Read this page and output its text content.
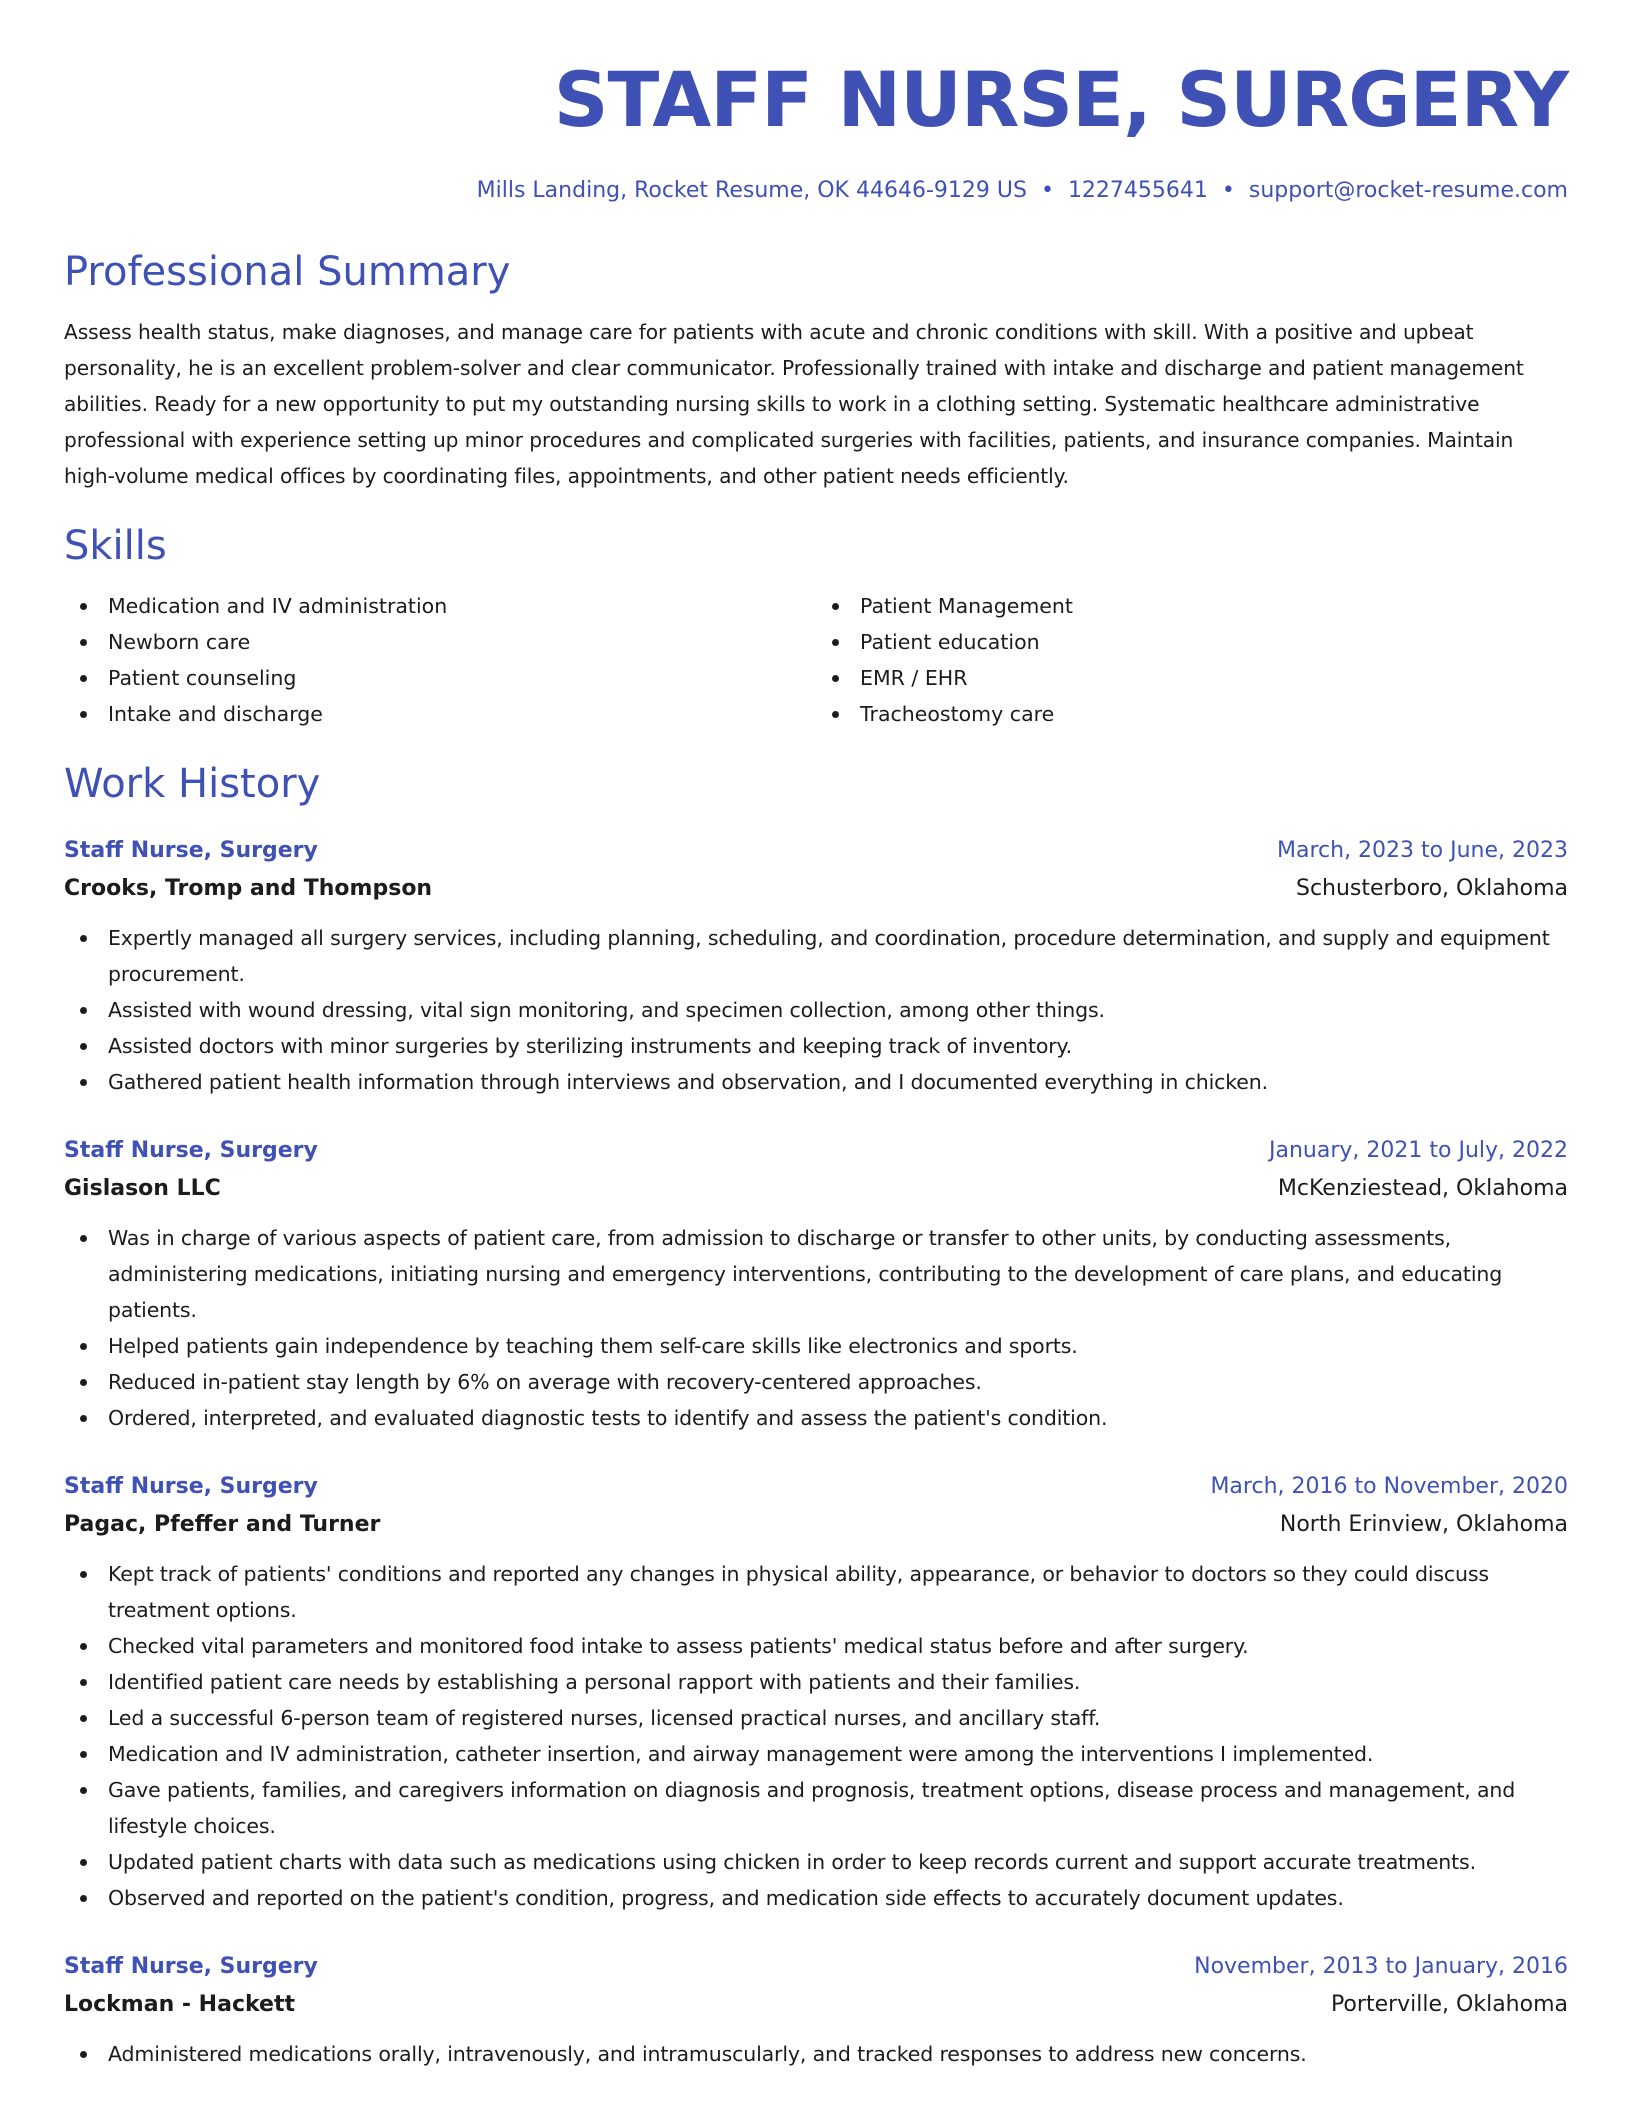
STAFF NURSE, SURGERY
Mills Landing, Rocket Resume, OK 44646-9129 US • 1227455641 • support@rocket-resume.com
Professional Summary

Assess health status, make diagnoses, and manage care for patients with acute and chronic conditions with skill. With a positive and upbeat personality, he is an excellent problem-solver and clear communicator. Professionally trained with intake and discharge and patient management abilities. Ready for a new opportunity to put my outstanding nursing skills to work in a clothing setting. Systematic healthcare administrative professional with experience setting up minor procedures and complicated surgeries with facilities, patients, and insurance companies. Maintain high-volume medical offices by coordinating files, appointments, and other patient needs efficiently.

Skills
Medication and IV administration
Newborn care
Patient counseling
Intake and discharge
Patient Management
Patient education
EMR / EHR
Tracheostomy care
Work History
Staff Nurse, Surgery	March, 2023 to June, 2023
Crooks, Tromp and Thompson	Schusterboro, Oklahoma
Expertly managed all surgery services, including planning, scheduling, and coordination, procedure determination, and supply and equipment procurement.
Assisted with wound dressing, vital sign monitoring, and specimen collection, among other things.
Assisted doctors with minor surgeries by sterilizing instruments and keeping track of inventory.
Gathered patient health information through interviews and observation, and I documented everything in chicken.
Staff Nurse, Surgery	January, 2021 to July, 2022
Gislason LLC	McKenziestead, Oklahoma
Was in charge of various aspects of patient care, from admission to discharge or transfer to other units, by conducting assessments, administering medications, initiating nursing and emergency interventions, contributing to the development of care plans, and educating patients.
Helped patients gain independence by teaching them self-care skills like electronics and sports.
Reduced in-patient stay length by 6% on average with recovery-centered approaches.
Ordered, interpreted, and evaluated diagnostic tests to identify and assess the patient's condition.
Staff Nurse, Surgery	March, 2016 to November, 2020
Pagac, Pfeffer and Turner	North Erinview, Oklahoma
Kept track of patients' conditions and reported any changes in physical ability, appearance, or behavior to doctors so they could discuss treatment options.
Checked vital parameters and monitored food intake to assess patients' medical status before and after surgery.
Identified patient care needs by establishing a personal rapport with patients and their families.
Led a successful 6-person team of registered nurses, licensed practical nurses, and ancillary staff.
Medication and IV administration, catheter insertion, and airway management were among the interventions I implemented.
Gave patients, families, and caregivers information on diagnosis and prognosis, treatment options, disease process and management, and lifestyle choices.
Updated patient charts with data such as medications using chicken in order to keep records current and support accurate treatments.
Observed and reported on the patient's condition, progress, and medication side effects to accurately document updates.
Staff Nurse, Surgery	November, 2013 to January, 2016
Lockman - Hackett	Porterville, Oklahoma
Administered medications orally, intravenously, and intramuscularly, and tracked responses to address new concerns.
